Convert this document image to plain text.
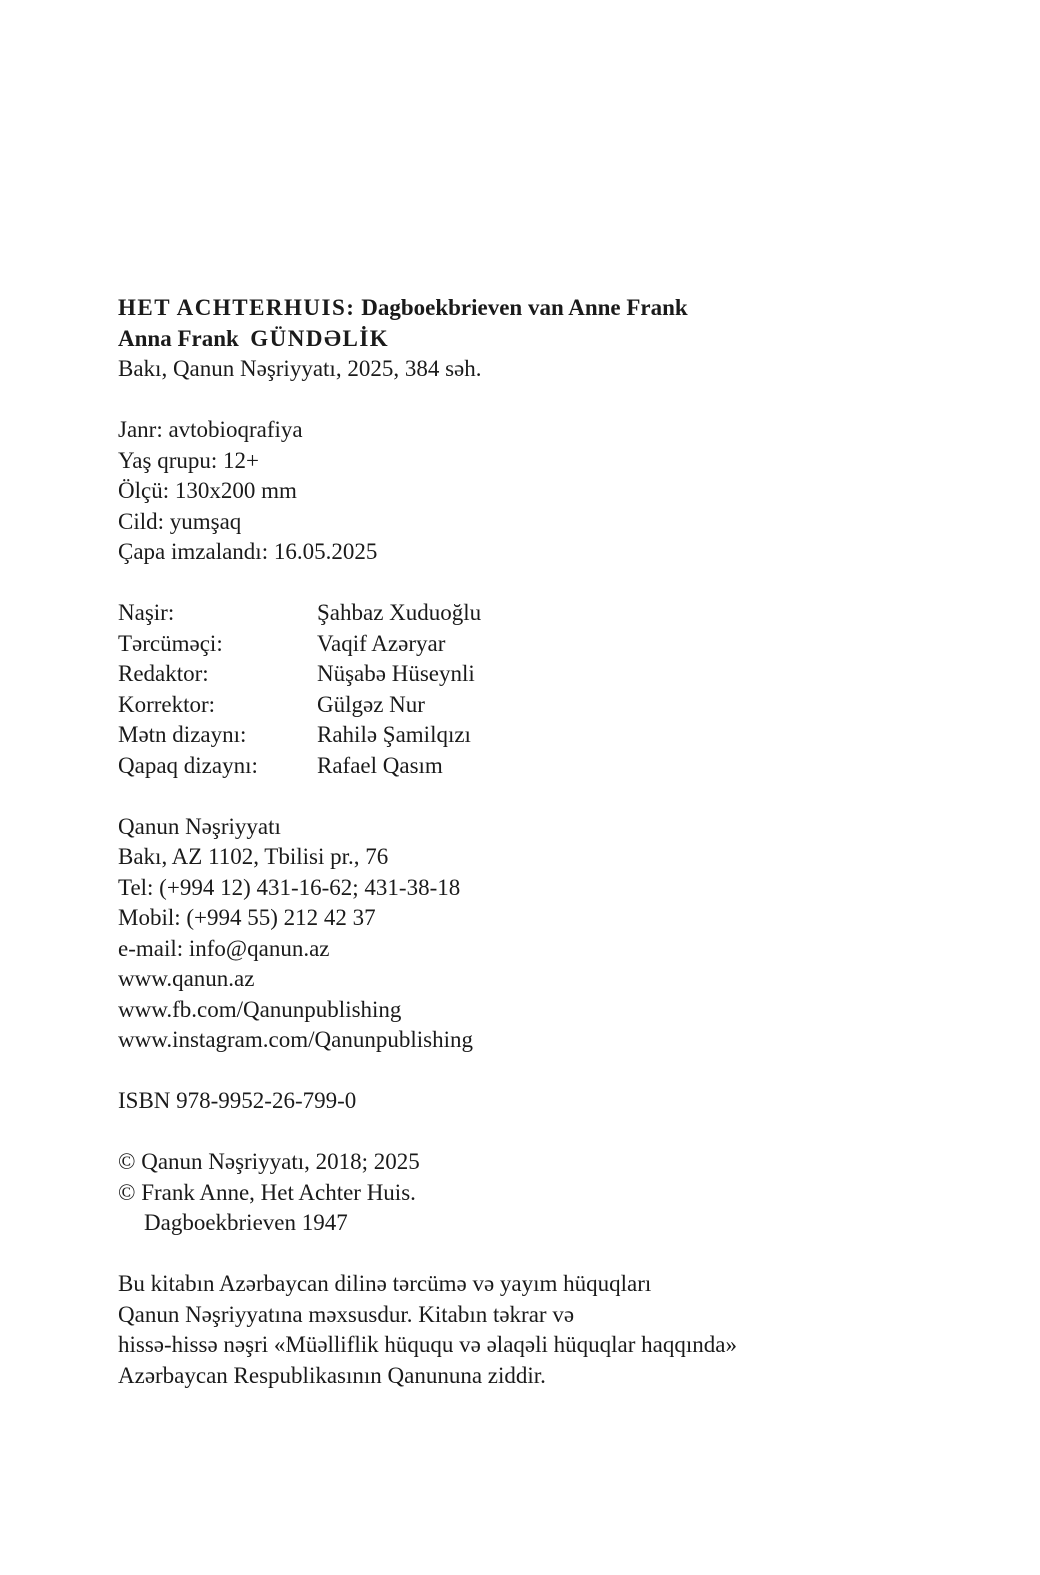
HET ACHTERHUIS: Dagboekbrieven van Anne Frank
Anna Frank GÜNDƏLİK
Bakı, Qanun Nəşriyyatı, 2025, 384 səh.
Janr: avtobioqrafiya
Yaş qrupu: 12+
Ölçü: 130x200 mm
Cild: yumşaq
Çapa imzalandı: 16.05.2025
Naşir:	Şahbaz Xuduoğlu
Tərcüməçi:	Vaqif Azəryar
Redaktor:	Nüşabə Hüseynli
Korrektor:	Gülgəz Nur
Mətn dizaynı:	Rahilə Şamilqızı
Qapaq dizaynı:	Rafael Qasım
Qanun Nəşriyyatı
Bakı, AZ 1102, Tbilisi pr., 76
Tel: (+994 12) 431-16-62; 431-38-18
Mobil: (+994 55) 212 42 37
e-mail: info@qanun.az
www.qanun.az
www.fb.com/Qanunpublishing
www.instagram.com/Qanunpublishing
ISBN 978-9952-26-799-0
© Qanun Nəşriyyatı, 2018; 2025
© Frank Anne, Het Achter Huis.
Dagboekbrieven 1947
Bu kitabın Azərbaycan dilinə tərcümə və yayım hüquqları
Qanun Nəşriyyatına məxsusdur. Kitabın təkrar və
hissə-hissə nəşri «Müəlliflik hüququ və əlaqəli hüquqlar haqqında»
Azərbaycan Respublikasının Qanununa ziddir.
